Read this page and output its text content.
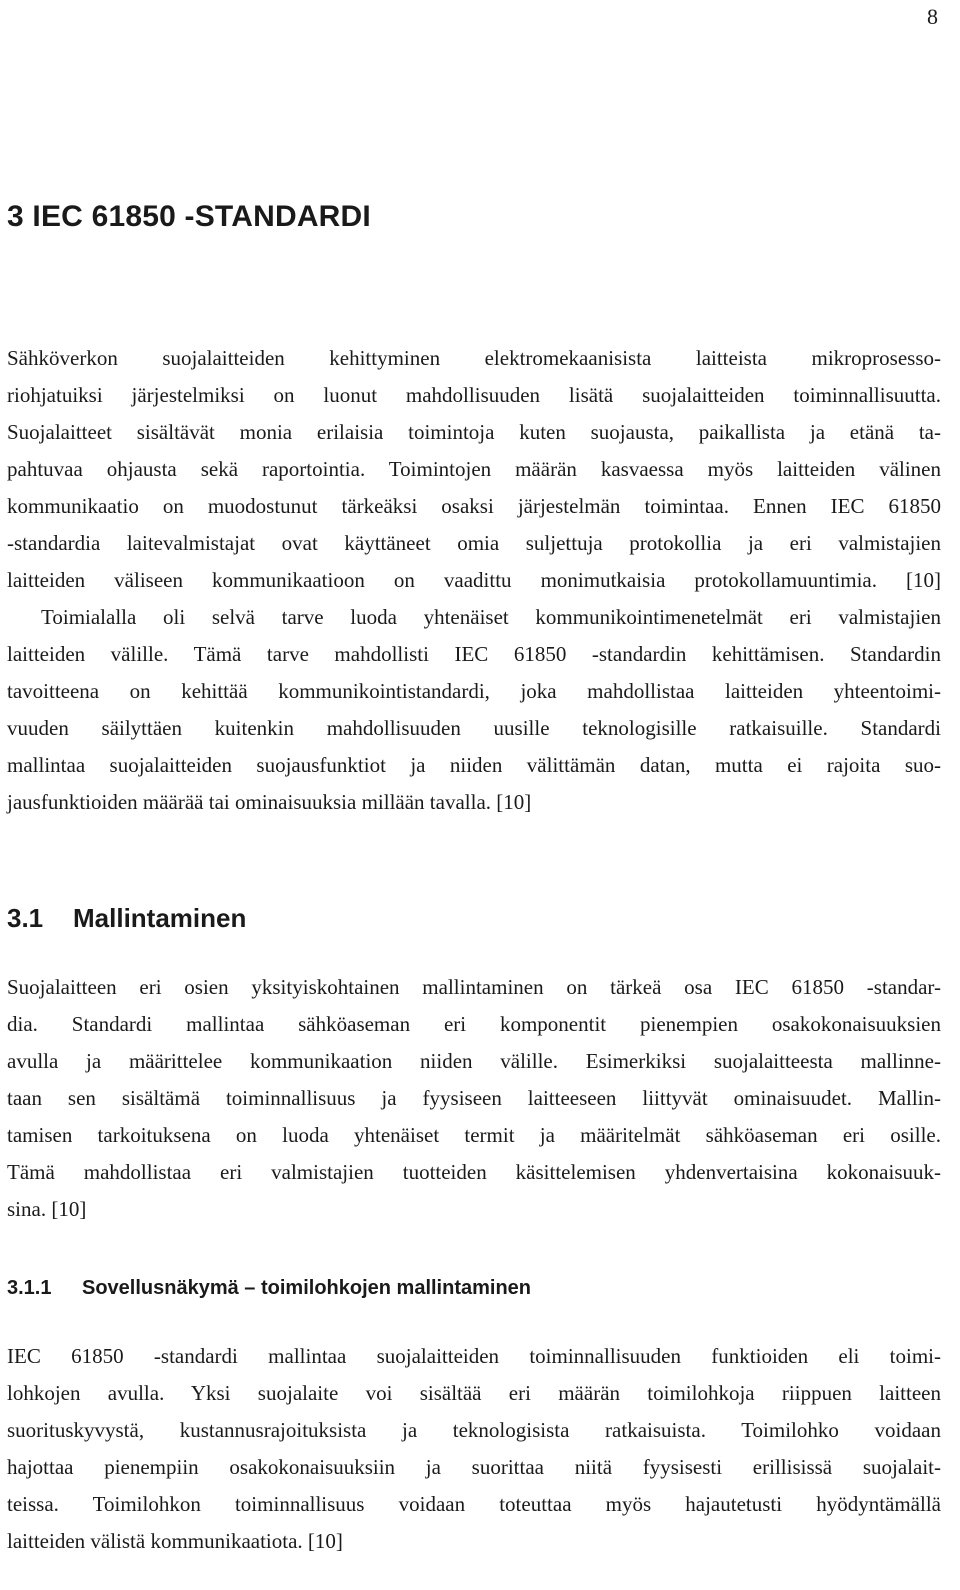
8
3 IEC 61850 -STANDARDI
Sähköverkon suojalaitteiden kehittyminen elektromekaanisista laitteista mikroprosesso-
riohjatuiksi järjestelmiksi on luonut mahdollisuuden lisätä suojalaitteiden toiminnallisuutta.
Suojalaitteet sisältävät monia erilaisia toimintoja kuten suojausta, paikallista ja etänä ta-
pahtuvaa ohjausta sekä raportointia. Toimintojen määrän kasvaessa myös laitteiden välinen
kommunikaatio on muodostunut tärkeäksi osaksi järjestelmän toimintaa. Ennen IEC 61850
-standardia laitevalmistajat ovat käyttäneet omia suljettuja protokollia ja eri valmistajien
laitteiden väliseen kommunikaatioon on vaadittu monimutkaisia protokollamuuntimia. [10]
Toimialalla oli selvä tarve luoda yhtenäiset kommunikointimenetelmät eri valmistajien
laitteiden välille. Tämä tarve mahdollisti IEC 61850 -standardin kehittämisen. Standardin
tavoitteena on kehittää kommunikointistandardi, joka mahdollistaa laitteiden yhteentoimi-
vuuden säilyttäen kuitenkin mahdollisuuden uusille teknologisille ratkaisuille. Standardi
mallintaa suojalaitteiden suojausfunktiot ja niiden välittämän datan, mutta ei rajoita suo-
jausfunktioiden määrää tai ominaisuuksia millään tavalla. [10]
3.1 Mallintaminen
Suojalaitteen eri osien yksityiskohtainen mallintaminen on tärkeä osa IEC 61850 -standar-
dia. Standardi mallintaa sähköaseman eri komponentit pienempien osakokonaisuuksien
avulla ja määrittelee kommunikaation niiden välille. Esimerkiksi suojalaitteesta mallinne-
taan sen sisältämä toiminnallisuus ja fyysiseen laitteeseen liittyvät ominaisuudet. Mallin-
tamisen tarkoituksena on luoda yhtenäiset termit ja määritelmät sähköaseman eri osille.
Tämä mahdollistaa eri valmistajien tuotteiden käsittelemisen yhdenvertaisina kokonaisuuk-
sina. [10]
3.1.1 Sovellusnäkymä – toimilohkojen mallintaminen
IEC 61850 -standardi mallintaa suojalaitteiden toiminnallisuuden funktioiden eli toimi-
lohkojen avulla. Yksi suojalaite voi sisältää eri määrän toimilohkoja riippuen laitteen
suorituskyvystä, kustannusrajoituksista ja teknologisista ratkaisuista. Toimilohko voidaan
hajottaa pienempiin osakokonaisuuksiin ja suorittaa niitä fyysisesti erillisissä suojalait-
teissa. Toimilohkon toiminnallisuus voidaan toteuttaa myös hajautetusti hyödyntämällä
laitteiden välistä kommunikaatiota. [10]
